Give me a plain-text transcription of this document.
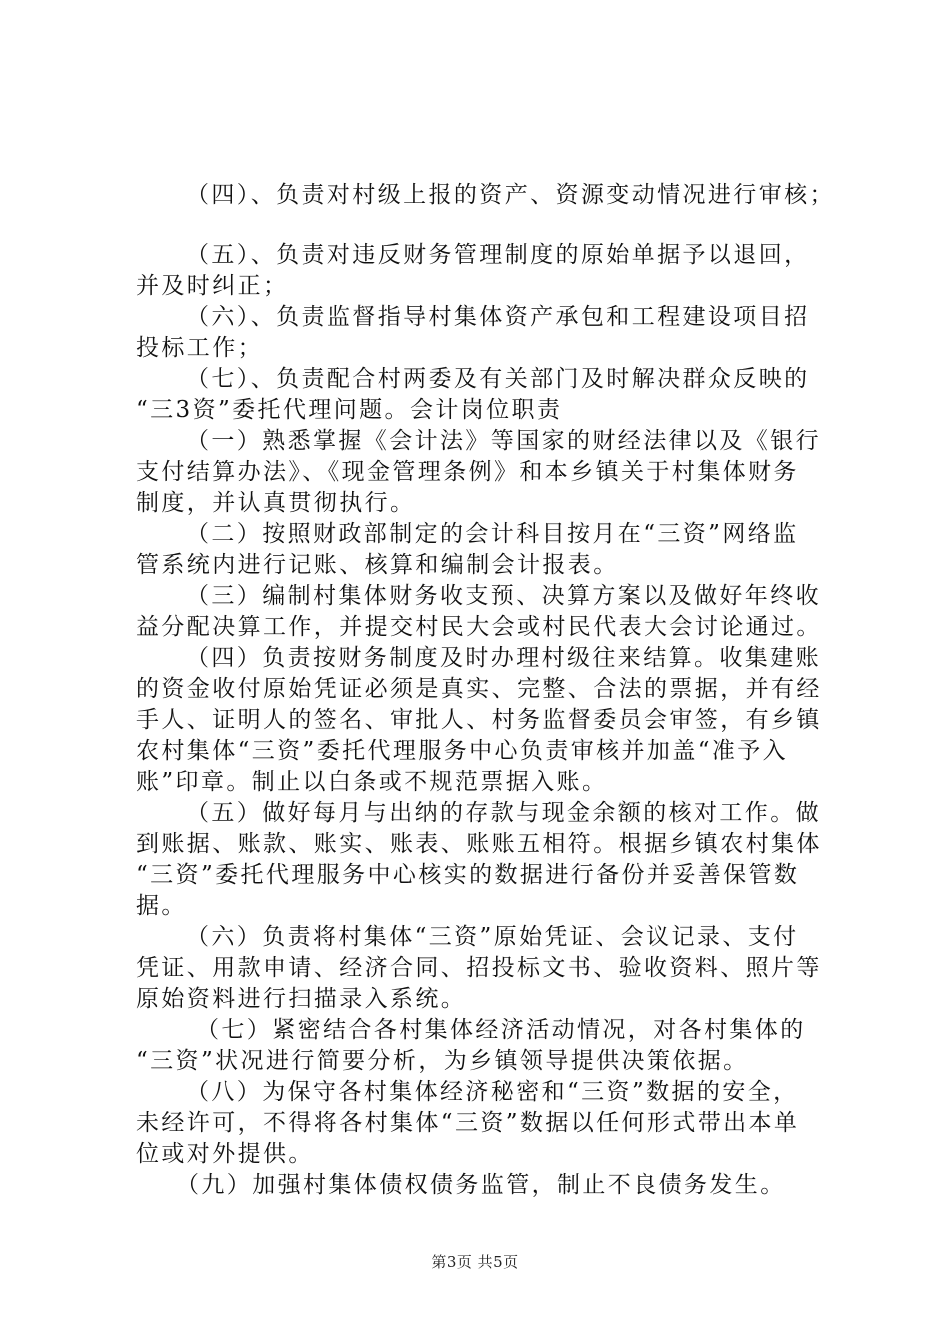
（四）、负责对村级上报的资产、资源变动情况进行审核；

（五）、负责对违反财务管理制度的原始单据予以退回，

并及时纠正；

（六）、负责监督指导村集体资产承包和工程建设项目招

投标工作；

（七）、负责配合村两委及有关部门及时解决群众反映的

“三3资”委托代理问题。会计岗位职责

（一）熟悉掌握《会计法》等国家的财经法律以及《银行

支付结算办法》、《现金管理条例》和本乡镇关于村集体财务

制度，并认真贯彻执行。

（二）按照财政部制定的会计科目按月在“三资”网络监

管系统内进行记账、核算和编制会计报表。

（三）编制村集体财务收支预、决算方案以及做好年终收

益分配决算工作，并提交村民大会或村民代表大会讨论通过。

（四）负责按财务制度及时办理村级往来结算。收集建账

的资金收付原始凭证必须是真实、完整、合法的票据，并有经

手人、证明人的签名、审批人、村务监督委员会审签，有乡镇

农村集体“三资”委托代理服务中心负责审核并加盖“准予入

账”印章。制止以白条或不规范票据入账。

（五）做好每月与出纳的存款与现金余额的核对工作。做

到账据、账款、账实、账表、账账五相符。根据乡镇农村集体

“三资”委托代理服务中心核实的数据进行备份并妥善保管数

据。

（六）负责将村集体“三资”原始凭证、会议记录、支付

凭证、用款申请、经济合同、招投标文书、验收资料、照片等

原始资料进行扫描录入系统。

（七）紧密结合各村集体经济活动情况，对各村集体的

“三资”状况进行简要分析，为乡镇领导提供决策依据。

（八）为保守各村集体经济秘密和“三资”数据的安全，

未经许可，不得将各村集体“三资”数据以任何形式带出本单

位或对外提供。

（九）加强村集体债权债务监管，制止不良债务发生。

第3页 共5页
